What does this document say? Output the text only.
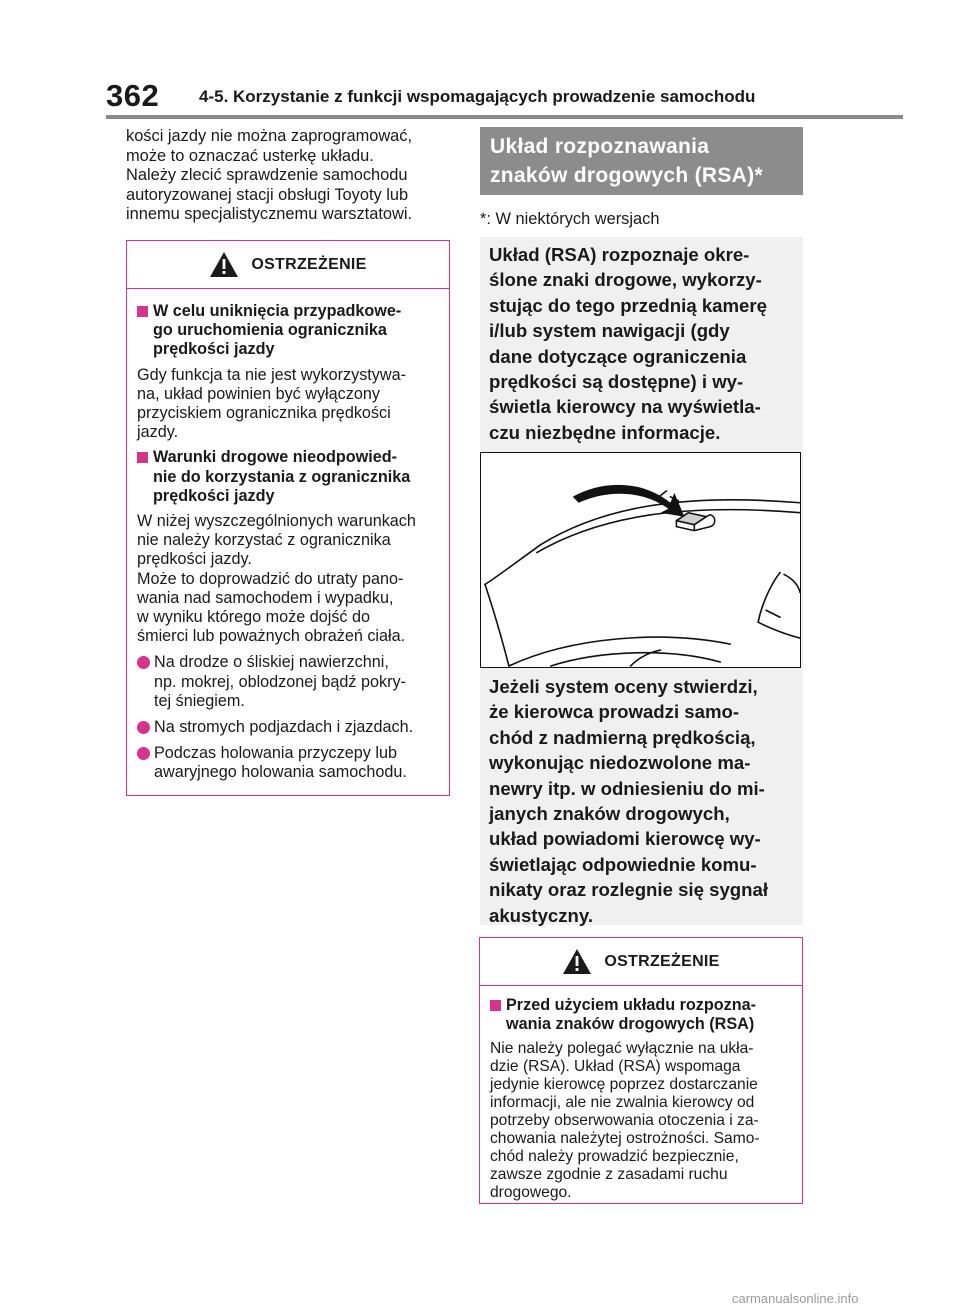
362 4-5. Korzystanie z funkcji wspomagających prowadzenie samochodu

kości jazdy nie można zaprogramować,
może to oznaczać usterkę układu.
Należy zlecić sprawdzenie samochodu
autoryzowanej stacji obsługi Toyoty lub
innemu specjalistycznemu warsztatowi.

OSTRZEŻENIE
W celu uniknięcia przypadkowe-
go uruchomienia ogranicznika
prędkości jazdy

Gdy funkcja ta nie jest wykorzystywa-
na, układ powinien być wyłączony
przyciskiem ogranicznika prędkości
jazdy.

Warunki drogowe nieodpowied-
nie do korzystania z ogranicznika
prędkości jazdy

W niżej wyszczególnionych warunkach
nie należy korzystać z ogranicznika
prędkości jazdy.
Może to doprowadzić do utraty pano-
wania nad samochodem i wypadku,
w wyniku którego może dojść do
śmierci lub poważnych obrażeń ciała.

Na drodze o śliskiej nawierzchni,
np. mokrej, oblodzonej bądź pokry-
tej śniegiem.
Na stromych podjazdach i zjazdach.
Podczas holowania przyczepy lub
awaryjnego holowania samochodu.
Układ rozpoznawania
znaków drogowych (RSA)*
*: W niektórych wersjach

Układ (RSA) rozpoznaje okre-
ślone znaki drogowe, wykorzy-
stując do tego przednią kamerę
i/lub system nawigacji (gdy
dane dotyczące ograniczenia
prędkości są dostępne) i wy-
świetla kierowcy na wyświetla-
czu niezbędne informacje.

Jeżeli system oceny stwierdzi,
że kierowca prowadzi samo-
chód z nadmierną prędkością,
wykonując niedozwolone ma-
newry itp. w odniesieniu do mi-
janych znaków drogowych,
układ powiadomi kierowcę wy-
świetlając odpowiednie komu-
nikaty oraz rozlegnie się sygnał
akustyczny.

OSTRZEŻENIE
Przed użyciem układu rozpozna-
wania znaków drogowych (RSA)

Nie należy polegać wyłącznie na ukła-
dzie (RSA). Układ (RSA) wspomaga
jedynie kierowcę poprzez dostarczanie
informacji, ale nie zwalnia kierowcy od
potrzeby obserwowania otoczenia i za-
chowania należytej ostrożności. Samo-
chód należy prowadzić bezpiecznie,
zawsze zgodnie z zasadami ruchu
drogowego.

carmanualsonline.info
